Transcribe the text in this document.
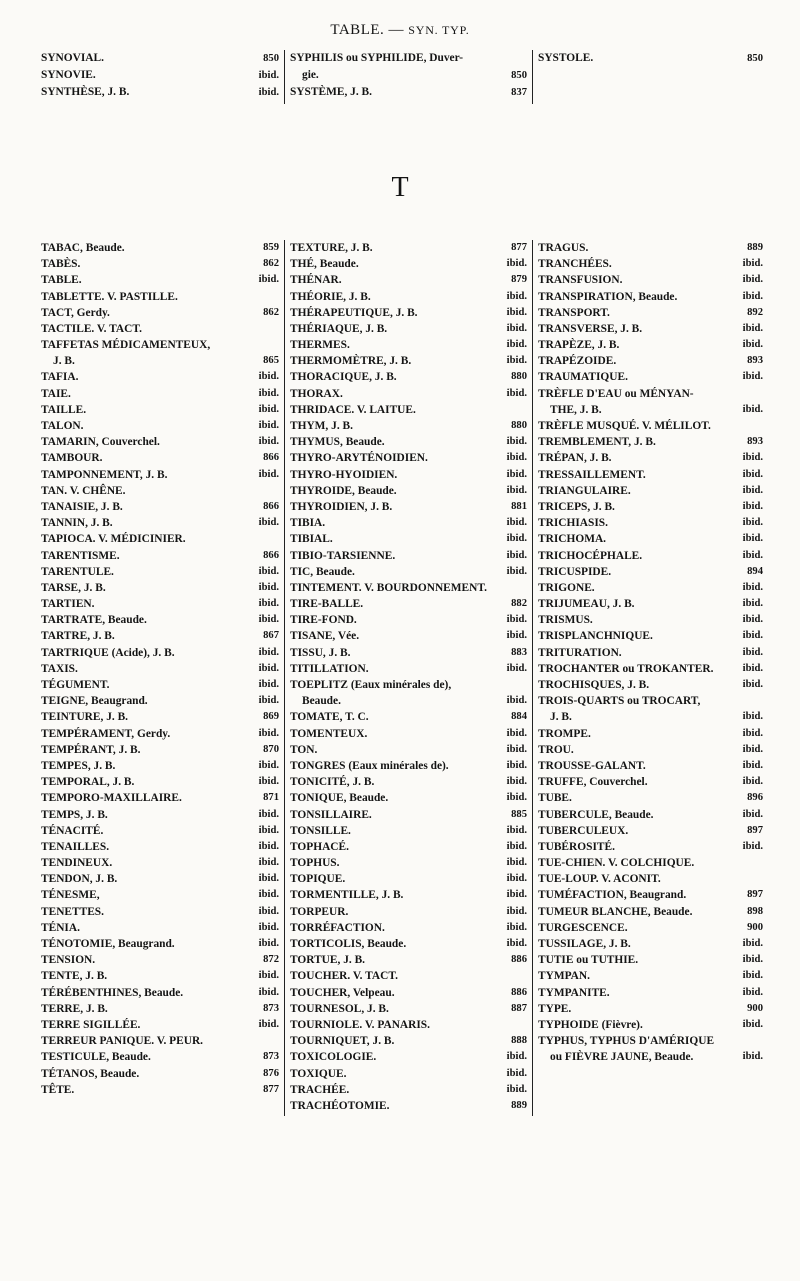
TABLE. — SYN. TYP.
SYNOVIAL.	850
SYNOVIE.	ibid.
SYNTHÈSE, J. B.	ibid.
SYPHILIS ou SYPHILIDE, Duver-
gie.	850
SYSTÈME, J. B.	837
SYSTOLE.	850
T
TABAC, Beaude.	859
TABÈS.	862
TABLE.	ibid.
TABLETTE. V. PASTILLE.
TACT, Gerdy.	862
TACTILE. V. TACT.
TAFFETAS MÉDICAMENTEUX,
J. B.	865
TAFIA.	ibid.
TAIE.	ibid.
TAILLE.	ibid.
TALON.	ibid.
TAMARIN, Couverchel.	ibid.
TAMBOUR.	866
TAMPONNEMENT, J. B.	ibid.
TAN. V. CHÊNE.
TANAISIE, J. B.	866
TANNIN, J. B.	ibid.
TAPIOCA. V. MÉDICINIER.
TARENTISME.	866
TARENTULE.	ibid.
TARSE, J. B.	ibid.
TARTIEN.	ibid.
TARTRATE, Beaude.	ibid.
TARTRE, J. B.	867
TARTRIQUE (Acide), J. B.	ibid.
TAXIS.	ibid.
TÉGUMENT.	ibid.
TEIGNE, Beaugrand.	ibid.
TEINTURE, J. B.	869
TEMPÉRAMENT, Gerdy.	ibid.
TEMPÉRANT, J. B.	870
TEMPES, J. B.	ibid.
TEMPORAL, J. B.	ibid.
TEMPORO-MAXILLAIRE.	871
TEMPS, J. B.	ibid.
TÉNACITÉ.	ibid.
TENAILLES.	ibid.
TENDINEUX.	ibid.
TENDON, J. B.	ibid.
TÉNESME,	ibid.
TENETTES.	ibid.
TÉNIA.	ibid.
TÉNOTOMIE, Beaugrand.	ibid.
TENSION.	872
TENTE, J. B.	ibid.
TÉRÉBENTHINES, Beaude.	ibid.
TERRE, J. B.	873
TERRE SIGILLÉE.	ibid.
TERREUR PANIQUE. V. PEUR.
TESTICULE, Beaude.	873
TÉTANOS, Beaude.	876
TÊTE.	877
TEXTURE, J. B.	877
THÉ, Beaude.	ibid.
THÉNAR.	879
THÉORIE, J. B.	ibid.
THÉRAPEUTIQUE, J. B.	ibid.
THÉRIAQUE, J. B.	ibid.
THERMES.	ibid.
THERMOMÈTRE, J. B.	ibid.
THORACIQUE, J. B.	880
THORAX.	ibid.
THRIDACE. V. LAITUE.
THYM, J. B.	880
THYMUS, Beaude.	ibid.
THYRO-ARYTÉNOIDIEN.	ibid.
THYRO-HYOIDIEN.	ibid.
THYROIDE, Beaude.	ibid.
THYROIDIEN, J. B.	881
TIBIA.	ibid.
TIBIAL.	ibid.
TIBIO-TARSIENNE.	ibid.
TIC, Beaude.	ibid.
TINTEMENT. V. BOURDONNEMENT.
TIRE-BALLE.	882
TIRE-FOND.	ibid.
TISANE, Vée.	ibid.
TISSU, J. B.	883
TITILLATION.	ibid.
TOEPLITZ (Eaux minérales de),
Beaude.	ibid.
TOMATE, T. C.	884
TOMENTEUX.	ibid.
TON.	ibid.
TONGRES (Eaux minérales de).	ibid.
TONICITÉ, J. B.	ibid.
TONIQUE, Beaude.	ibid.
TONSILLAIRE.	885
TONSILLE.	ibid.
TOPHACÉ.	ibid.
TOPHUS.	ibid.
TOPIQUE.	ibid.
TORMENTILLE, J. B.	ibid.
TORPEUR.	ibid.
TORRÉFACTION.	ibid.
TORTICOLIS, Beaude.	ibid.
TORTUE, J. B.	886
TOUCHER. V. TACT.
TOUCHER, Velpeau.	886
TOURNESOL, J. B.	887
TOURNIOLE. V. PANARIS.
TOURNIQUET, J. B.	888
TOXICOLOGIE.	ibid.
TOXIQUE.	ibid.
TRACHÉE.	ibid.
TRACHÉOTOMIE.	889
TRAGUS.	889
TRANCHÉES.	ibid.
TRANSFUSION.	ibid.
TRANSPIRATION, Beaude.	ibid.
TRANSPORT.	892
TRANSVERSE, J. B.	ibid.
TRAPÈZE, J. B.	ibid.
TRAPÉZOIDE.	893
TRAUMATIQUE.	ibid.
TRÈFLE D'EAU ou MÉNYAN-
THE, J. B.	ibid.
TRÈFLE MUSQUÉ. V. MÉLILOT.
TREMBLEMENT, J. B.	893
TRÉPAN, J. B.	ibid.
TRESSAILLEMENT.	ibid.
TRIANGULAIRE.	ibid.
TRICEPS, J. B.	ibid.
TRICHIASIS.	ibid.
TRICHOMA.	ibid.
TRICHOCÉPHALE.	ibid.
TRICUSPIDE.	894
TRIGONE.	ibid.
TRIJUMEAU, J. B.	ibid.
TRISMUS.	ibid.
TRISPLANCHNIQUE.	ibid.
TRITURATION.	ibid.
TROCHANTER ou TROKANTER.	ibid.
TROCHISQUES, J. B.	ibid.
TROIS-QUARTS ou TROCART,
J. B.	ibid.
TROMPE.	ibid.
TROU.	ibid.
TROUSSE-GALANT.	ibid.
TRUFFE, Couverchel.	ibid.
TUBE.	896
TUBERCULE, Beaude.	ibid.
TUBERCULEUX.	897
TUBÉROSITÉ.	ibid.
TUE-CHIEN. V. COLCHIQUE.
TUE-LOUP. V. ACONIT.
TUMÉFACTION, Beaugrand.	897
TUMEUR BLANCHE, Beaude.	898
TURGESCENCE.	900
TUSSILAGE, J. B.	ibid.
TUTIE ou TUTHIE.	ibid.
TYMPAN.	ibid.
TYMPANITE.	ibid.
TYPE.	900
TYPHOIDE (Fièvre).	ibid.
TYPHUS, TYPHUS D'AMÉRIQUE
ou FIÈVRE JAUNE, Beaude.	ibid.
